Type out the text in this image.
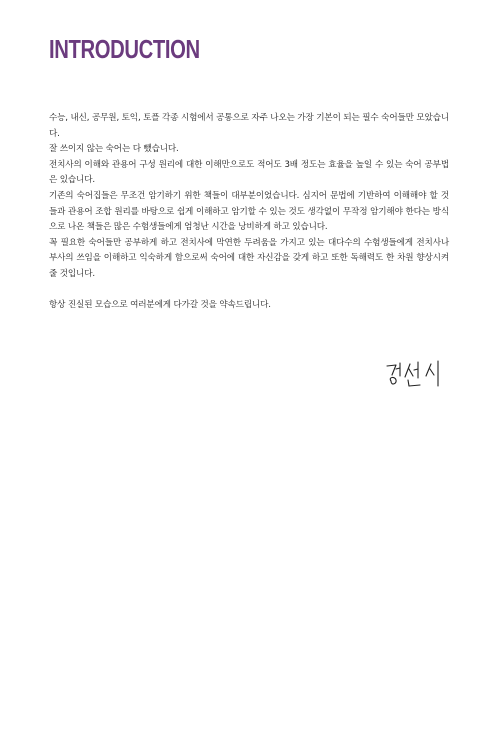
INTRODUCTION

수능, 내신, 공무원, 토익, 토플 각종 시험에서 공통으로 자주 나오는 가장 기본이 되는 필수 숙어들만 모았습니다.

잘 쓰이지 않는 숙어는 다 뺐습니다.

전치사의 이해와 관용어 구성 원리에 대한 이해만으로도 적어도 3배 정도는 효율을 높일 수 있는 숙어 공부법은 있습니다.

기존의 숙어집들은 무조건 암기하기 위한 책들이 대부분이었습니다. 심지어 문법에 기반하여 이해해야 할 것들과 관용어 조합 원리를 바탕으로 쉽게 이해하고 암기할 수 있는 것도 생각없이 무작정 암기해야 한다는 방식으로 나온 책들은 많은 수험생들에게 엄청난 시간을 낭비하게 하고 있습니다.

꼭 필요한 숙어들만 공부하게 하고 전치사에 막연한 두려움을 가지고 있는 대다수의 수험생들에게 전치사나 부사의 쓰임을 이해하고 익숙하게 함으로써 숙어에 대한 자신감을 갖게 하고 또한 독해력도 한 차원 향상시켜줄 것입니다.

항상 진실된 모습으로 여러분에게 다가갈 것을 약속드립니다.
